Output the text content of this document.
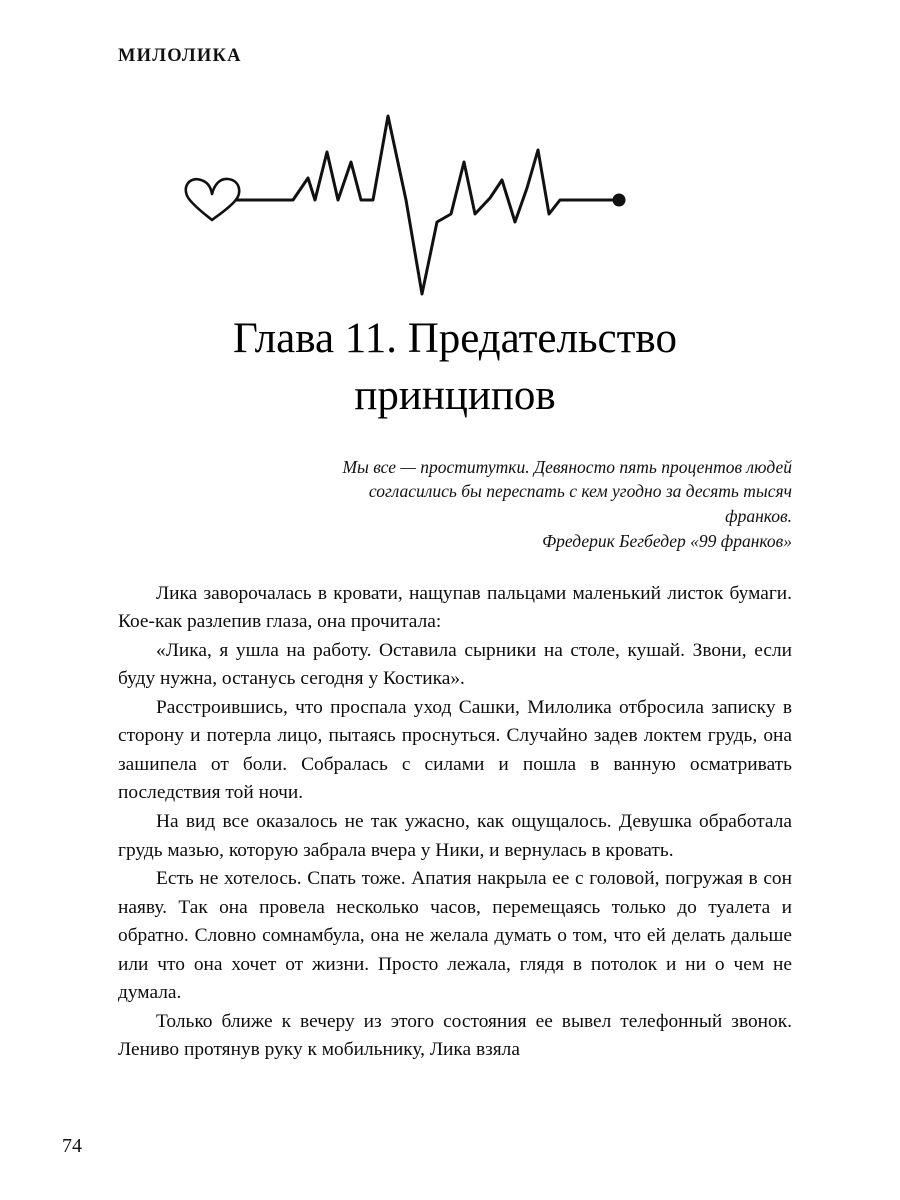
МИЛОЛИКА
Глава 11. Предательство принципов
Мы все — проститутки. Девяносто пять процентов людей согласились бы переспать с кем угодно за десять тысяч франков.
Фредерик Бегбедер «99 франков»

Лика заворочалась в кровати, нащупав пальцами маленький листок бумаги. Кое-как разлепив глаза, она прочитала:

«Лика, я ушла на работу. Оставила сырники на столе, кушай. Звони, если буду нужна, останусь сегодня у Костика».

Расстроившись, что проспала уход Сашки, Милолика отбросила записку в сторону и потерла лицо, пытаясь проснуться. Случайно задев локтем грудь, она зашипела от боли. Собралась с силами и пошла в ванную осматривать последствия той ночи.

На вид все оказалось не так ужасно, как ощущалось. Девушка обработала грудь мазью, которую забрала вчера у Ники, и вернулась в кровать.

Есть не хотелось. Спать тоже. Апатия накрыла ее с головой, погружая в сон наяву. Так она провела несколько часов, перемещаясь только до туалета и обратно. Словно сомнамбула, она не желала думать о том, что ей делать дальше или что она хочет от жизни. Просто лежала, глядя в потолок и ни о чем не думала.

Только ближе к вечеру из этого состояния ее вывел телефонный звонок. Лениво протянув руку к мобильнику, Лика взяла

74
